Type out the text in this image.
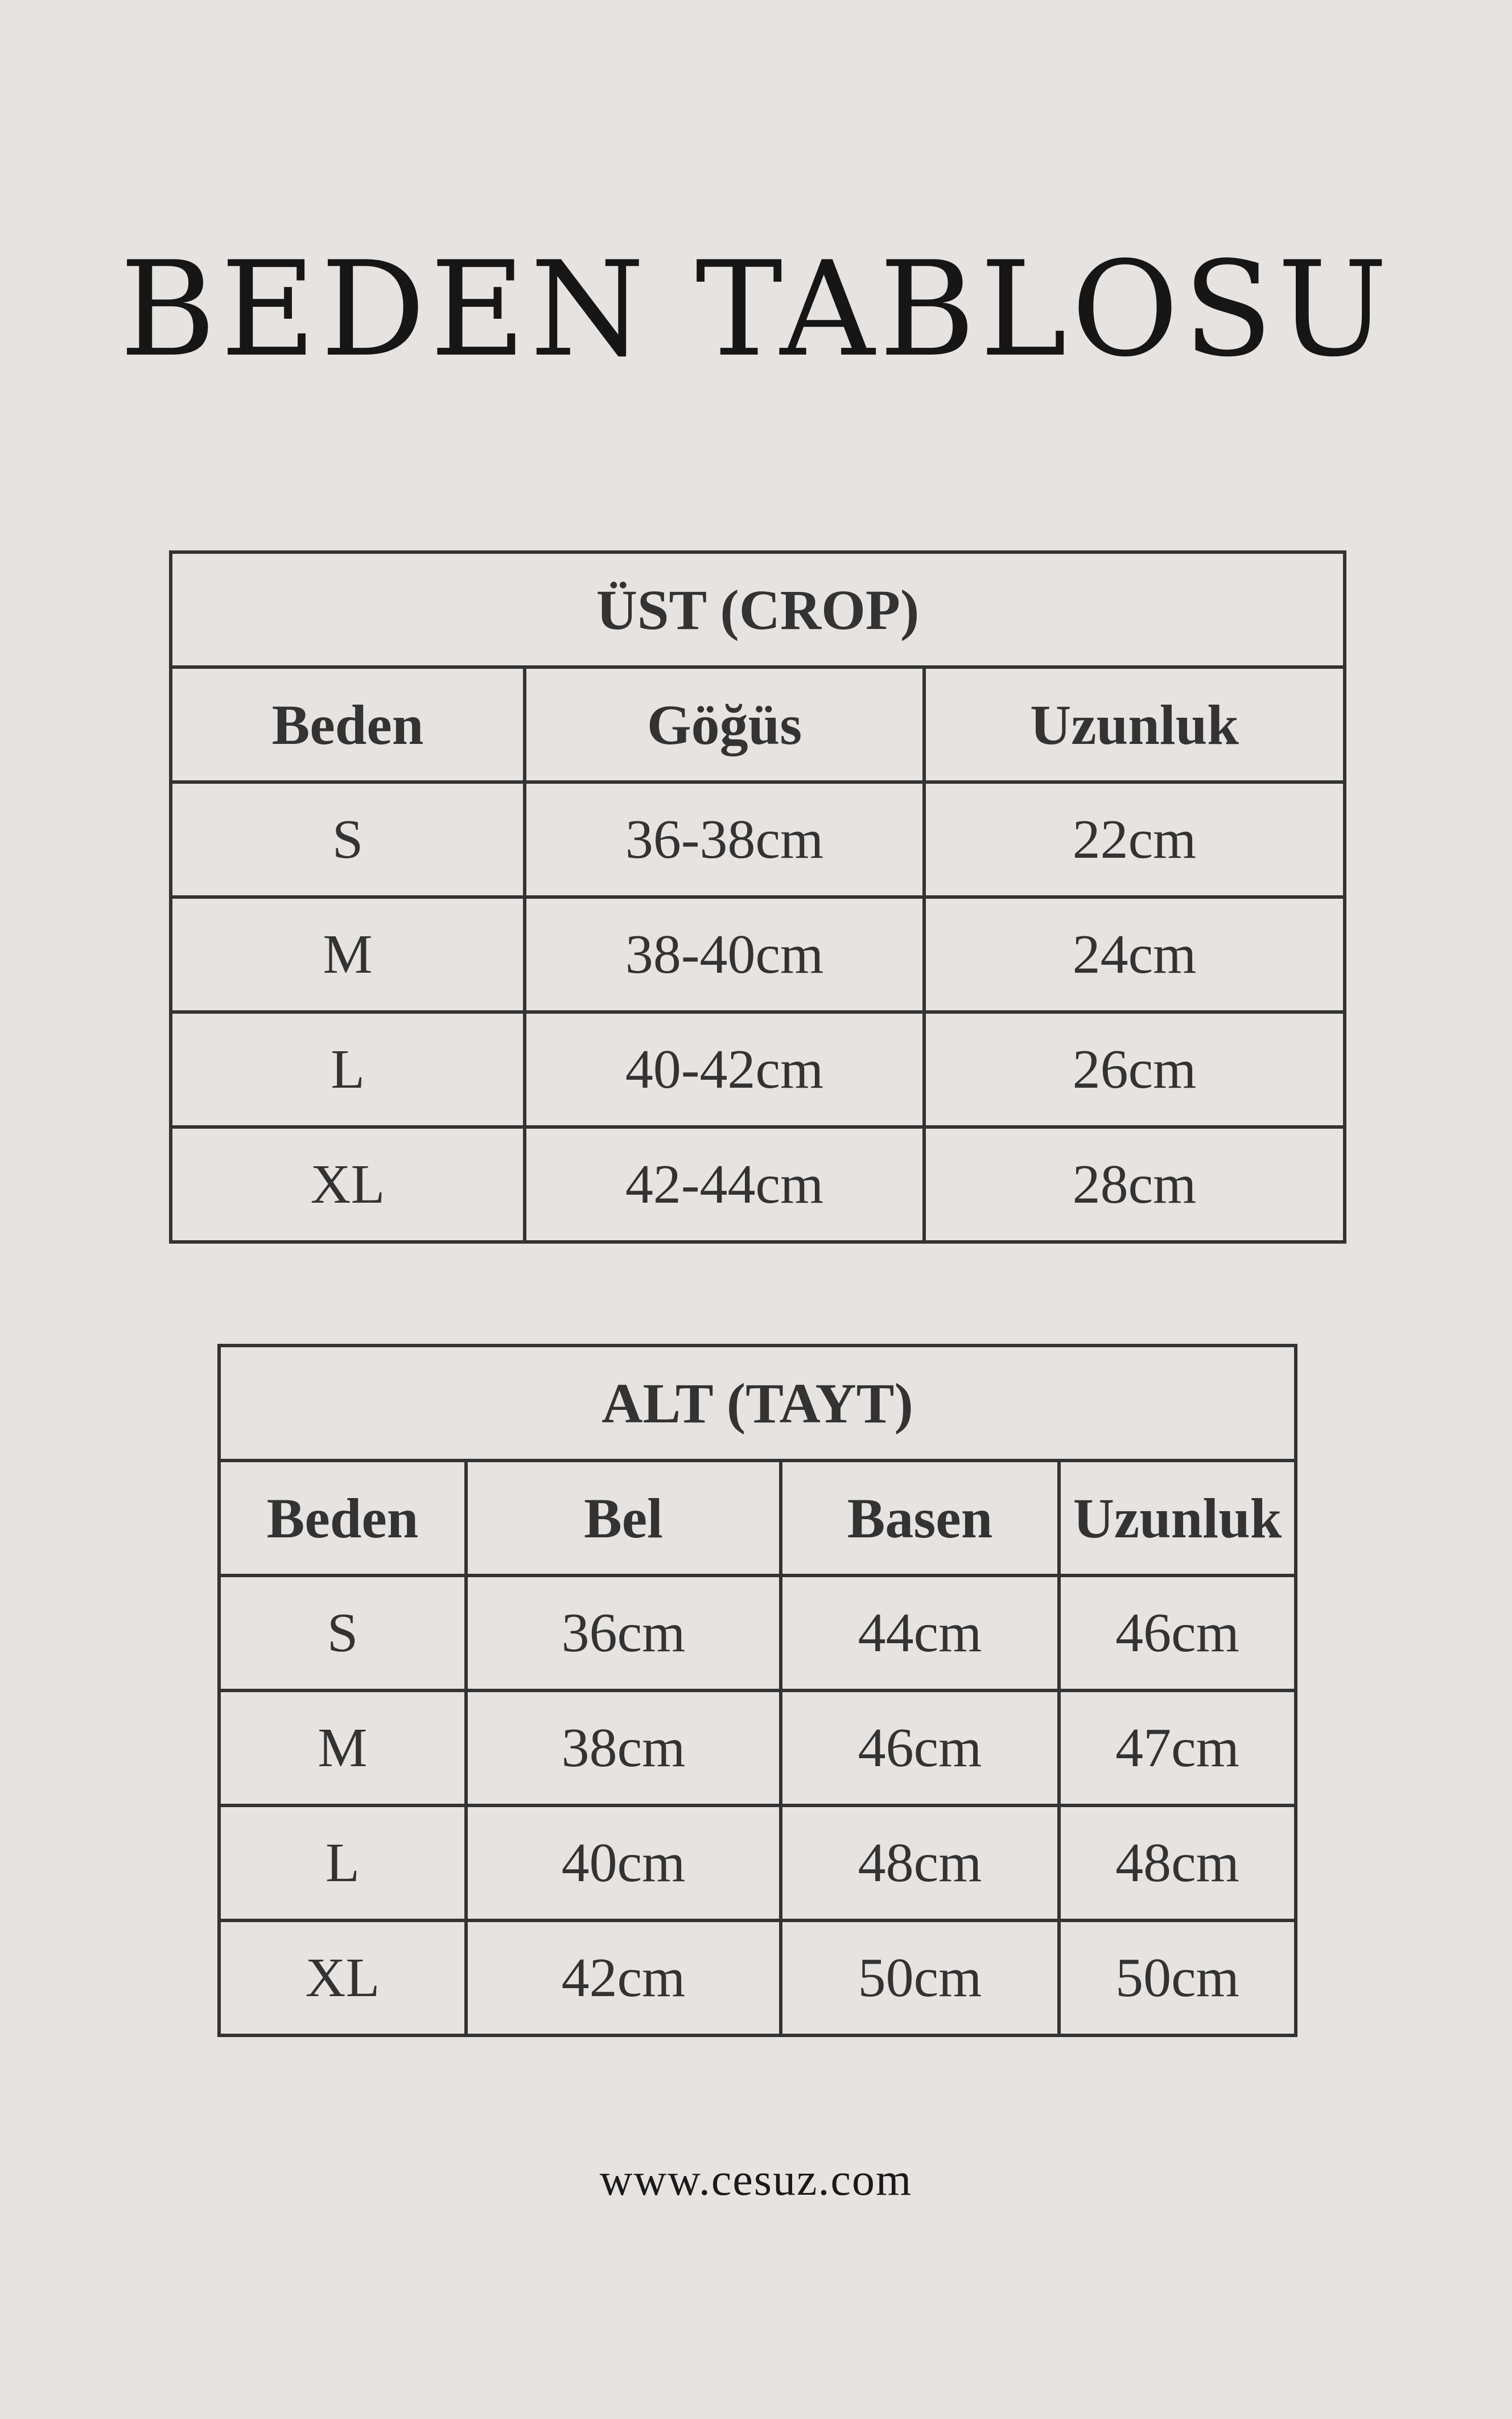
BEDEN TABLOSU
ÜST (CROP)		
Beden	Göğüs	Uzunluk
S	36-38cm	22cm
M	38-40cm	24cm
L	40-42cm	26cm
XL	42-44cm	28cm
ALT (TAYT)			
Beden	Bel	Basen	Uzunluk
S	36cm	44cm	46cm
M	38cm	46cm	47cm
L	40cm	48cm	48cm
XL	42cm	50cm	50cm
www.cesuz.com
